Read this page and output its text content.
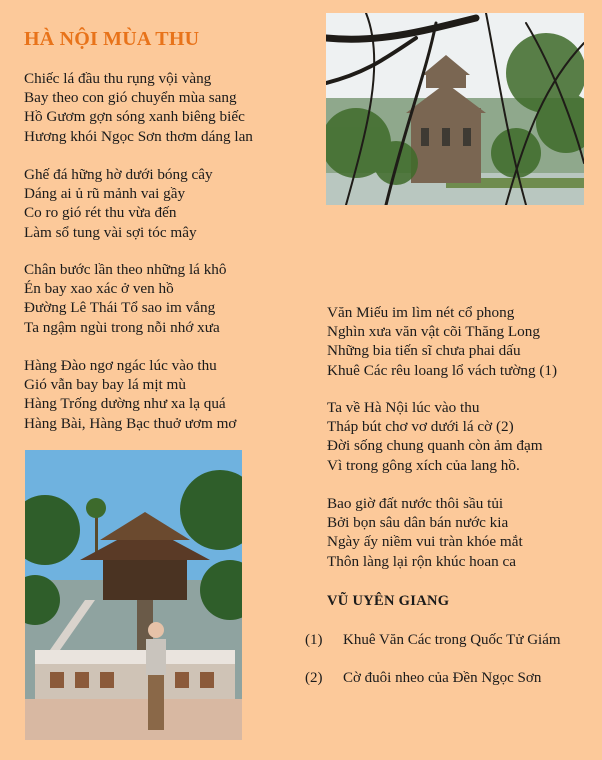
HÀ NỘI MÙA THU
Chiếc lá đầu thu rụng vội vàng
Bay theo con gió chuyển mùa sang
Hồ Gươm gợn sóng xanh biêng biếc
Hương khói Ngọc Sơn thơm dáng lan
Ghế đá hững hờ dưới bóng cây
Dáng ai ủ rũ mảnh vai gầy
Co ro gió rét thu vừa đến
Làm sổ tung vài sợi tóc mây
Chân bước lần theo những lá khô
Én bay xao xác ở ven hồ
Đường Lê Thái Tổ sao im vắng
Ta ngậm ngùi trong nỗi nhớ xưa
Hàng Đào ngơ ngác lúc vào thu
Gió vẫn bay bay lá mịt mù
Hàng Trống dường như xa lạ quá
Hàng Bài, Hàng Bạc thuở ươm mơ
Văn Miếu im lìm nét cổ phong
Nghìn xưa văn vật cõi Thăng Long
Những bia tiến sĩ chưa phai dấu
Khuê Các rêu loang lổ vách tường (1)
Ta về Hà Nội lúc vào thu
Tháp bút chơ vơ dưới lá cờ (2)
Đời sống chung quanh còn ảm đạm
Vì trong gông xích của lang hồ.
Bao giờ đất nước thôi sầu tủi
Bởi bọn sâu dân bán nước kia
Ngày ấy niềm vui tràn khóe mắt
Thôn làng lại rộn khúc hoan ca
VŨ UYÊN GIANG
(1) Khuê Văn Các trong Quốc Tử Giám
(2) Cờ đuôi nheo của Đền Ngọc Sơn
